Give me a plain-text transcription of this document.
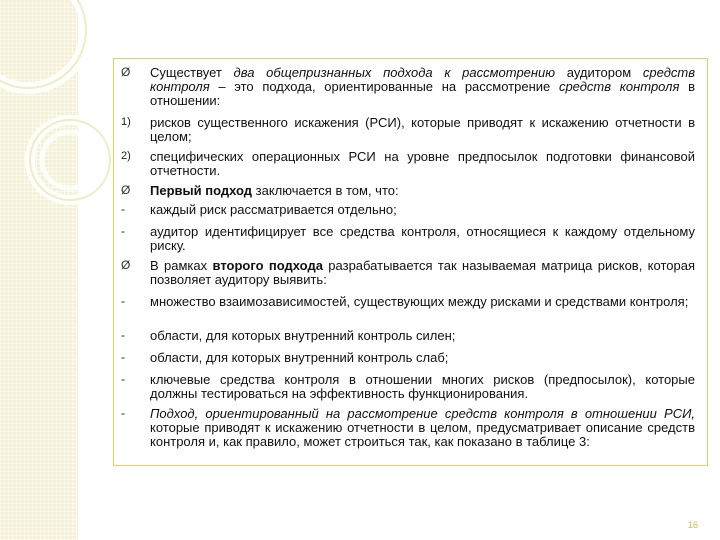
Ø	Существует два общепризнанных подхода к рассмотрению аудитором средств контроля – это подхода, ориентированные на рассмотрение средств контроля в отношении:
1)	рисков существенного искажения (РСИ), которые приводят к искажению отчетности в целом;
2)	специфических операционных РСИ на уровне предпосылок подготовки финансовой отчетности.
Ø	Первый подход заключается в том, что:
-	каждый риск рассматривается отдельно;
-	аудитор идентифицирует все средства контроля, относящиеся к каждому отдельному риску.
Ø	В рамках второго подхода разрабатывается так называемая матрица рисков, которая позволяет аудитору выявить:
-	множество взаимозависимостей, существующих между рисками и средствами контроля;
-	области, для которых внутренний контроль силен;
-	области, для которых внутренний контроль слаб;
-	ключевые средства контроля в отношении многих рисков (предпосылок), которые должны тестироваться на эффективность функционирования.
-	Подход, ориентированный на рассмотрение средств контроля в отношении РСИ, которые приводят к искажению отчетности в целом, предусматривает описание средств контроля и, как правило, может строиться так, как показано в таблице 3:
16
